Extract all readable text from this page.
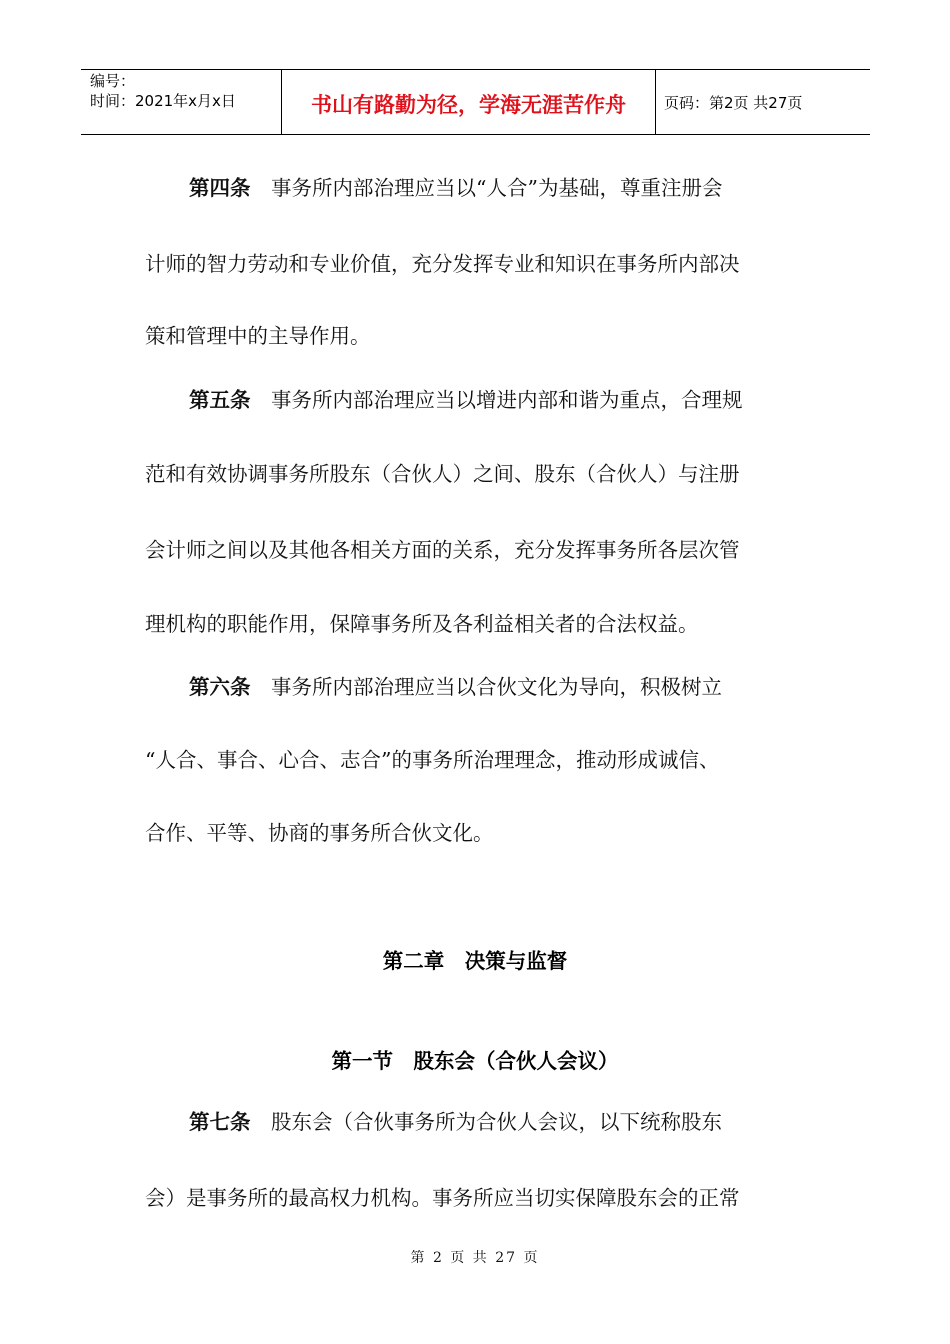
编号：
时间：2021年x月x日	书山有路勤为径，学海无涯苦作舟	页码：第2页 共27页
第四条　 事务所内部治理应当以“人合”为基础，尊重注册会
计师的智力劳动和专业价值，充分发挥专业和知识在事务所内部决
策和管理中的主导作用。
第五条　 事务所内部治理应当以增进内部和谐为重点，合理规
范和有效协调事务所股东（合伙人）之间、股东（合伙人）与注册
会计师之间以及其他各相关方面的关系，充分发挥事务所各层次管
理机构的职能作用，保障事务所及各利益相关者的合法权益。
第六条　 事务所内部治理应当以合伙文化为导向，积极树立
“人合、事合、心合、志合”的事务所治理理念，推动形成诚信、
合作、平等、协商的事务所合伙文化。
第二章　决策与监督
第一节　股东会（合伙人会议）
第七条　 股东会（合伙事务所为合伙人会议，以下统称股东
会）是事务所的最高权力机构。事务所应当切实保障股东会的正常
第 2 页 共 27 页
